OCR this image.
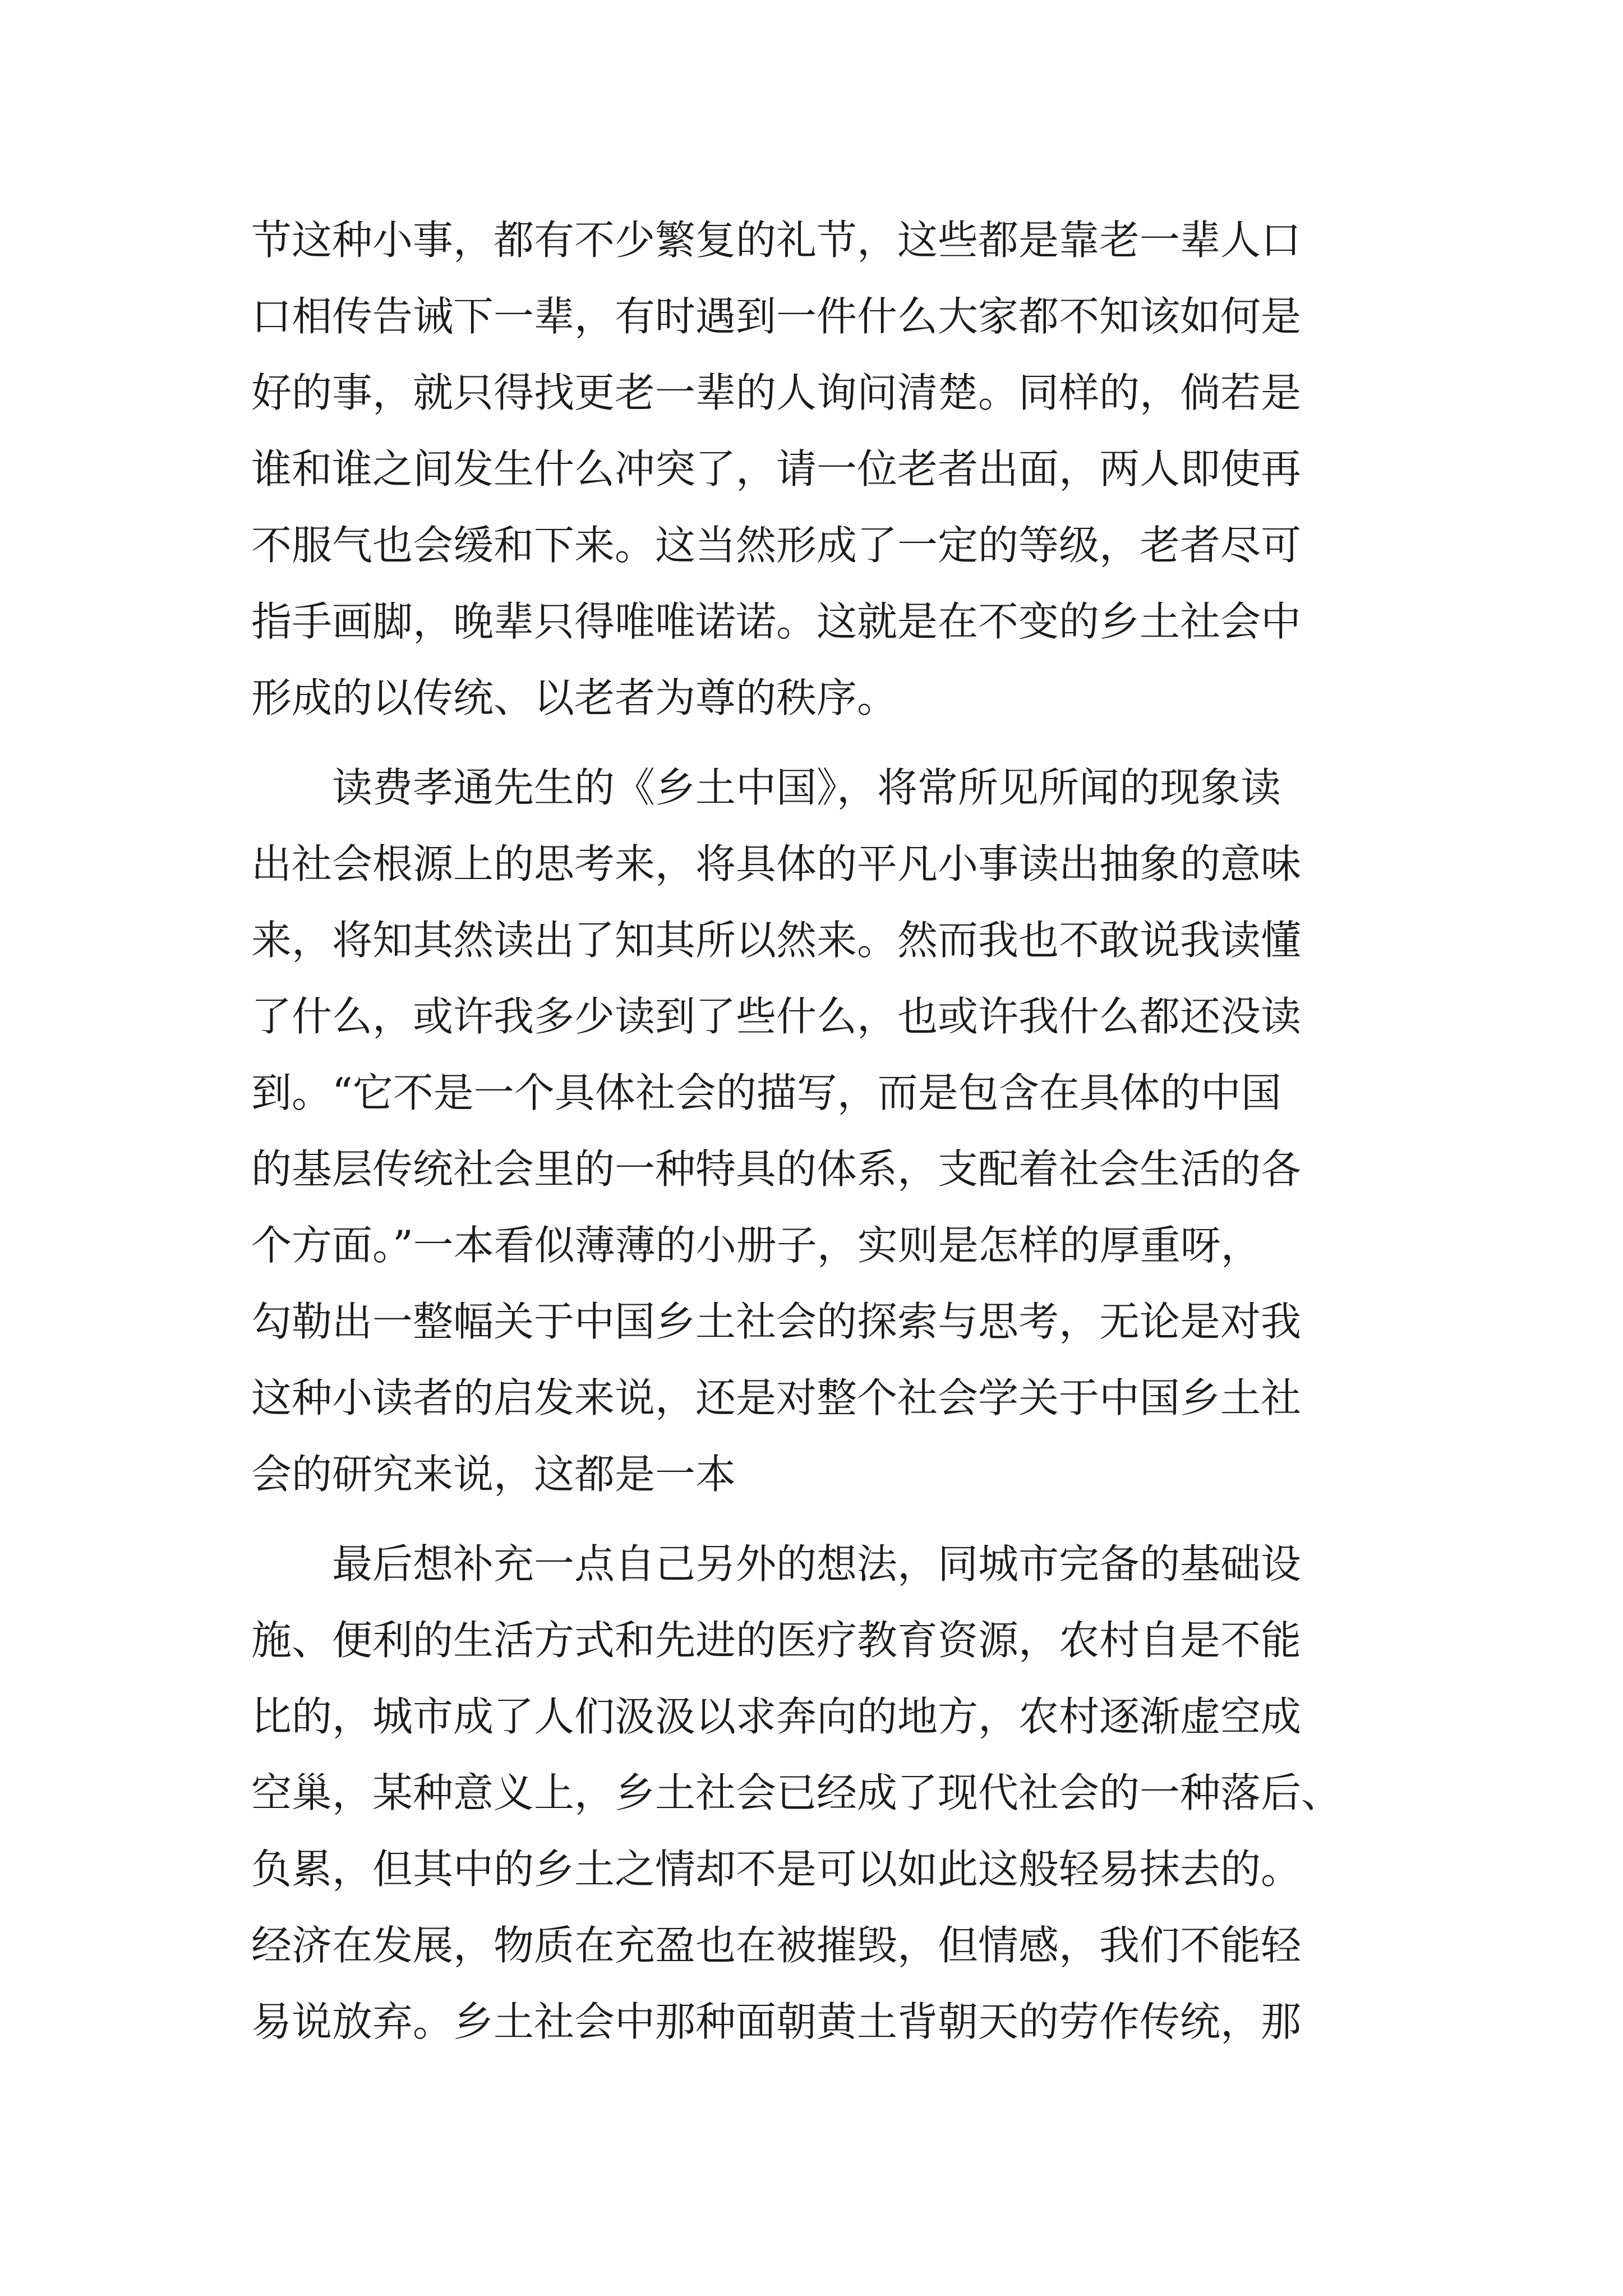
节这种小事，都有不少繁复的礼节，这些都是靠老一辈人口
口相传告诫下一辈，有时遇到一件什么大家都不知该如何是
好的事，就只得找更老一辈的人询问清楚。同样的，倘若是
谁和谁之间发生什么冲突了，请一位老者出面，两人即使再
不服气也会缓和下来。这当然形成了一定的等级，老者尽可
指手画脚，晚辈只得唯唯诺诺。这就是在不变的乡土社会中
形成的以传统、以老者为尊的秩序。
　　读费孝通先生的《乡土中国》，将常所见所闻的现象读
出社会根源上的思考来，将具体的平凡小事读出抽象的意味
来，将知其然读出了知其所以然来。然而我也不敢说我读懂
了什么，或许我多少读到了些什么，也或许我什么都还没读
到。“它不是一个具体社会的描写，而是包含在具体的中国
的基层传统社会里的一种特具的体系，支配着社会生活的各
个方面。”一本看似薄薄的小册子，实则是怎样的厚重呀，
勾勒出一整幅关于中国乡土社会的探索与思考，无论是对我
这种小读者的启发来说，还是对整个社会学关于中国乡土社
会的研究来说，这都是一本
　　最后想补充一点自己另外的想法，同城市完备的基础设
施、便利的生活方式和先进的医疗教育资源，农村自是不能
比的，城市成了人们汲汲以求奔向的地方，农村逐渐虚空成
空巢，某种意义上，乡土社会已经成了现代社会的一种落后、
负累，但其中的乡土之情却不是可以如此这般轻易抹去的。
经济在发展，物质在充盈也在被摧毁，但情感，我们不能轻
易说放弃。乡土社会中那种面朝黄土背朝天的劳作传统，那
